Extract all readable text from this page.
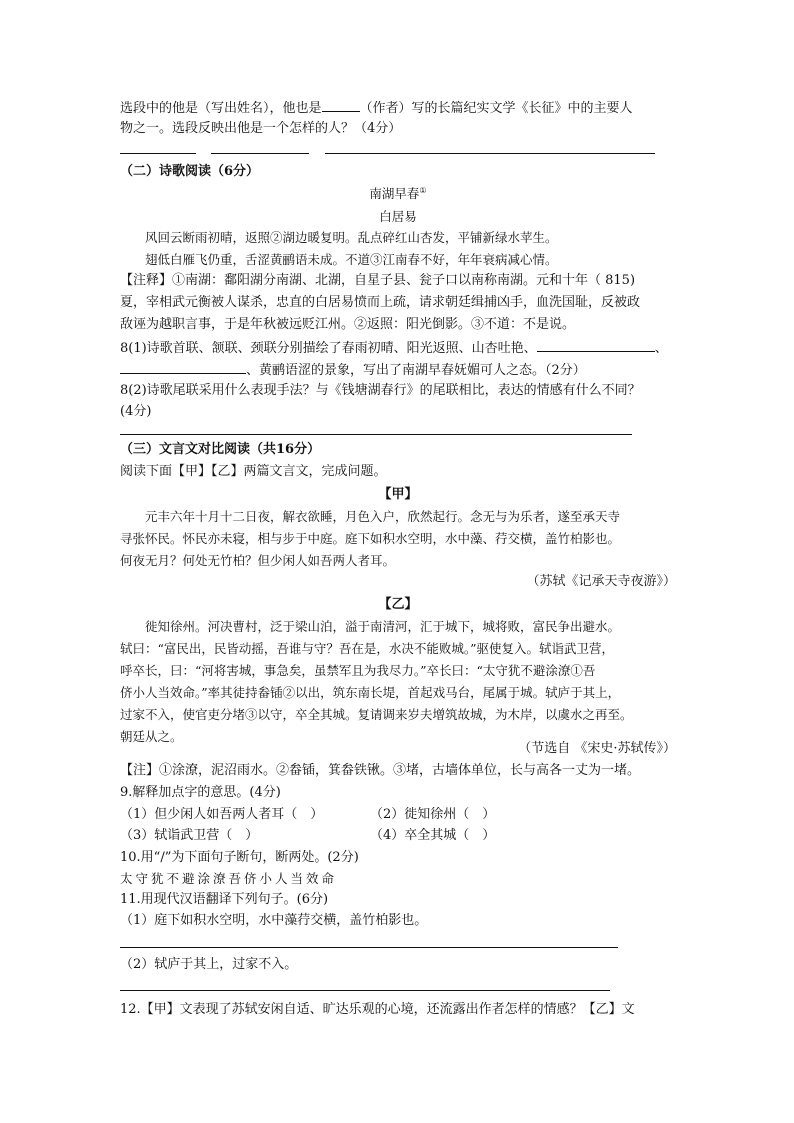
选段中的他是（写出姓名），他也是	（作者）写的长篇纪实文学《长征》中的主要人
物之一。选段反映出他是一个怎样的人？（4分）
（二）诗歌阅读（6分）
南湖早春①
白居易
风回云断雨初晴，返照②湖边暖复明。乱点碎红山杏发，平铺新绿水苹生。
翅低白雁飞仍重，舌涩黄鹂语未成。不道③江南春不好，年年衰病减心情。
【注释】①南湖：鄱阳湖分南湖、北湖，自星子县、瓮子口以南称南湖。元和十年（ 815)
夏，宰相武元衡被人谋杀，忠直的白居易愤而上疏，请求朝廷缉捕凶手，血洗国耻，反被政
敌诬为越职言事，于是年秋被远贬江州。②返照：阳光倒影。③不道：不是说。
8(1)诗歌首联、颔联、颈联分别描绘了春雨初晴、阳光返照、山杏吐艳、	、
、黄鹂语涩的景象，写出了南湖早春妩媚可人之态。（2分）
8(2)诗歌尾联采用什么表现手法？与《钱塘湖春行》的尾联相比，表达的情感有什么不同？
(4分)
（三）文言文对比阅读（共16分）
阅读下面【甲】【乙】两篇文言文，完成问题。
【甲】
元丰六年十月十二日夜，解衣欲睡，月色入户，欣然起行。念无与为乐者，遂至承天寺
寻张怀民。怀民亦未寝，相与步于中庭。庭下如积水空明，水中藻、荇交横，盖竹柏影也。
何夜无月？何处无竹柏？但少闲人如吾两人者耳。
（苏轼《记承天寺夜游》）
【乙】
徙知徐州。河决曹村，泛于梁山泊，溢于南清河，汇于城下，城将败，富民争出避水。
轼曰：“富民出，民皆动摇，吾谁与守？吾在是，水决不能败城。”驱使复入。轼诣武卫营，
呼卒长，曰：“河将害城，事急矣，虽禁军且为我尽力。”卒长曰：“太守犹不避涂潦①吾
侪小人当效命。”率其徒持畚锸②以出，筑东南长堤，首起戏马台，尾属于城。轼庐于其上，
过家不入，使官吏分堵③以守，卒全其城。复请调来岁夫增筑故城，为木岸，以虞水之再至。
朝廷从之。
（节选自 《宋史·苏轼传》）
【注】①涂潦，泥沼雨水。②畚锸，箕畚铁锹。③堵，古墙体单位，长与高各一丈为一堵。
9.解释加点字的意思。(4分)
（1）但少闲人如吾两人者耳（　）	（2）徙知徐州（　）
（3）轼诣武卫营（　）	（4）卒全其城（　）
10.用“/”为下面句子断句，断两处。(2分)
太守犹不避涂潦吾侪小人当效命
11.用现代汉语翻译下列句子。(6分)
（1）庭下如积水空明，水中藻荇交横，盖竹柏影也。
（2）轼庐于其上，过家不入。
12.【甲】文表现了苏轼安闲自适、旷达乐观的心境，还流露出作者怎样的情感？【乙】文
